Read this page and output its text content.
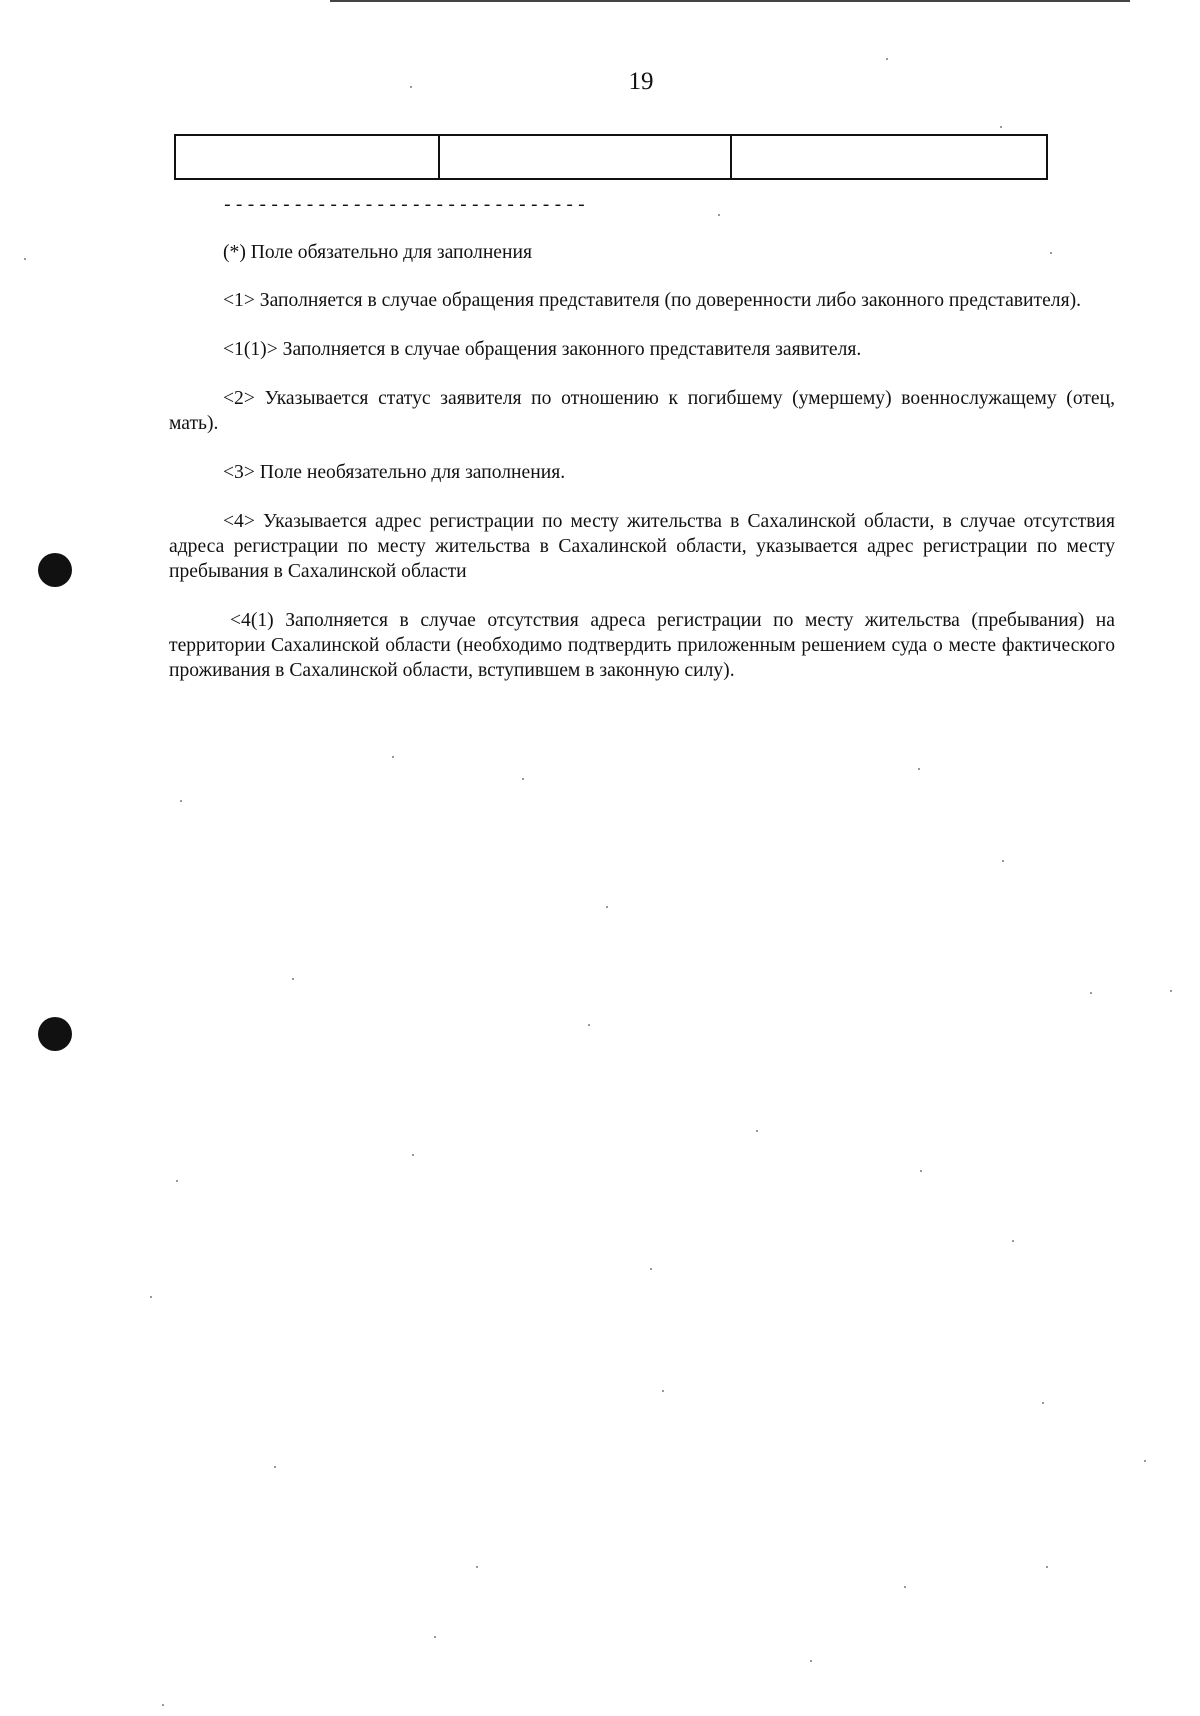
19
-------------------------------

(*) Поле обязательно для заполнения

<1> Заполняется в случае обращения представителя (по доверенности либо законного представителя).

<1(1)> Заполняется в случае обращения законного представителя заявителя.

<2> Указывается статус заявителя по отношению к погибшему (умершему) военнослужащему (отец, мать).

<3> Поле необязательно для заполнения.

<4> Указывается адрес регистрации по месту жительства в Сахалинской области, в случае отсутствия адреса регистрации по месту жительства в Сахалинской области, указывается адрес регистрации по месту пребывания в Сахалинской области

<4(1) Заполняется в случае отсутствия адреса регистрации по месту жительства (пребывания) на территории Сахалинской области (необходимо подтвердить приложенным решением суда о месте фактического проживания в Сахалинской области, вступившем в законную силу).
